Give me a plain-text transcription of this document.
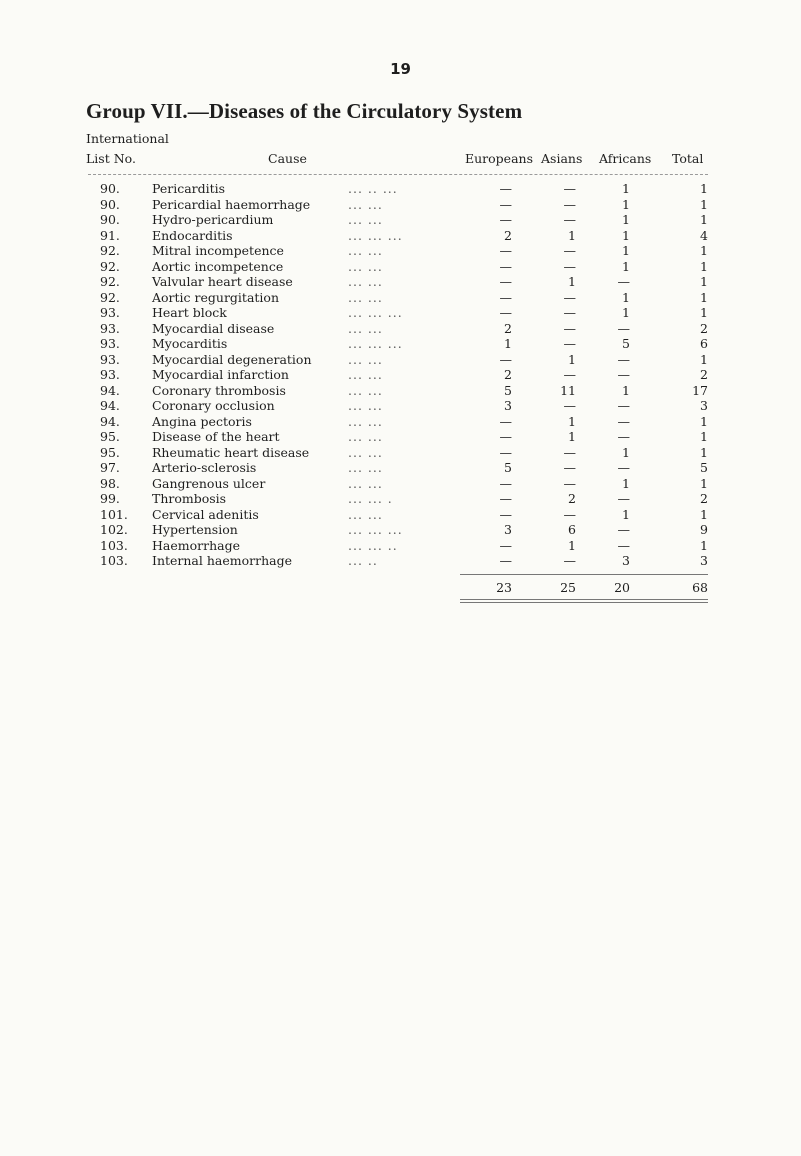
19
Group VII.—Diseases of the Circulatory System
International
List No.	Cause	Europeans Asians Africans Total
90.	Pericarditis	... .. ...	—	—	1	1
90.	Pericardial haemorrhage	... ...	—	—	1	1
90.	Hydro-pericardium	... ...	—	—	1	1
91.	Endocarditis	... ... ...	2	1	1	4
92.	Mitral incompetence	... ...	—	—	1	1
92.	Aortic incompetence	... ...	—	—	1	1
92.	Valvular heart disease	... ...	—	1	—	1
92.	Aortic regurgitation	... ...	—	—	1	1
93.	Heart block	... ... ...	—	—	1	1
93.	Myocardial disease	... ...	2	—	—	2
93.	Myocarditis	... ... ...	1	—	5	6
93.	Myocardial degeneration	... ...	—	1	—	1
93.	Myocardial infarction	... ...	2	—	—	2
94.	Coronary thrombosis	... ...	5	11	1	17
94.	Coronary occlusion	... ...	3	—	—	3
94.	Angina pectoris	... ...	—	1	—	1
95.	Disease of the heart	... ...	—	1	—	1
95.	Rheumatic heart disease	... ...	—	—	1	1
97.	Arterio-sclerosis	... ...	5	—	—	5
98.	Gangrenous ulcer	... ...	—	—	1	1
99.	Thrombosis	... ... .	—	2	—	2
101. Cervical adenitis	... ...	—	—	1	1
102. Hypertension	... ... ...	3	6	—	9
103. Haemorrhage	... ... ..	—	1	—	1
103. Internal haemorrhage	... ..	—	—	3	3
23	25	20	68
